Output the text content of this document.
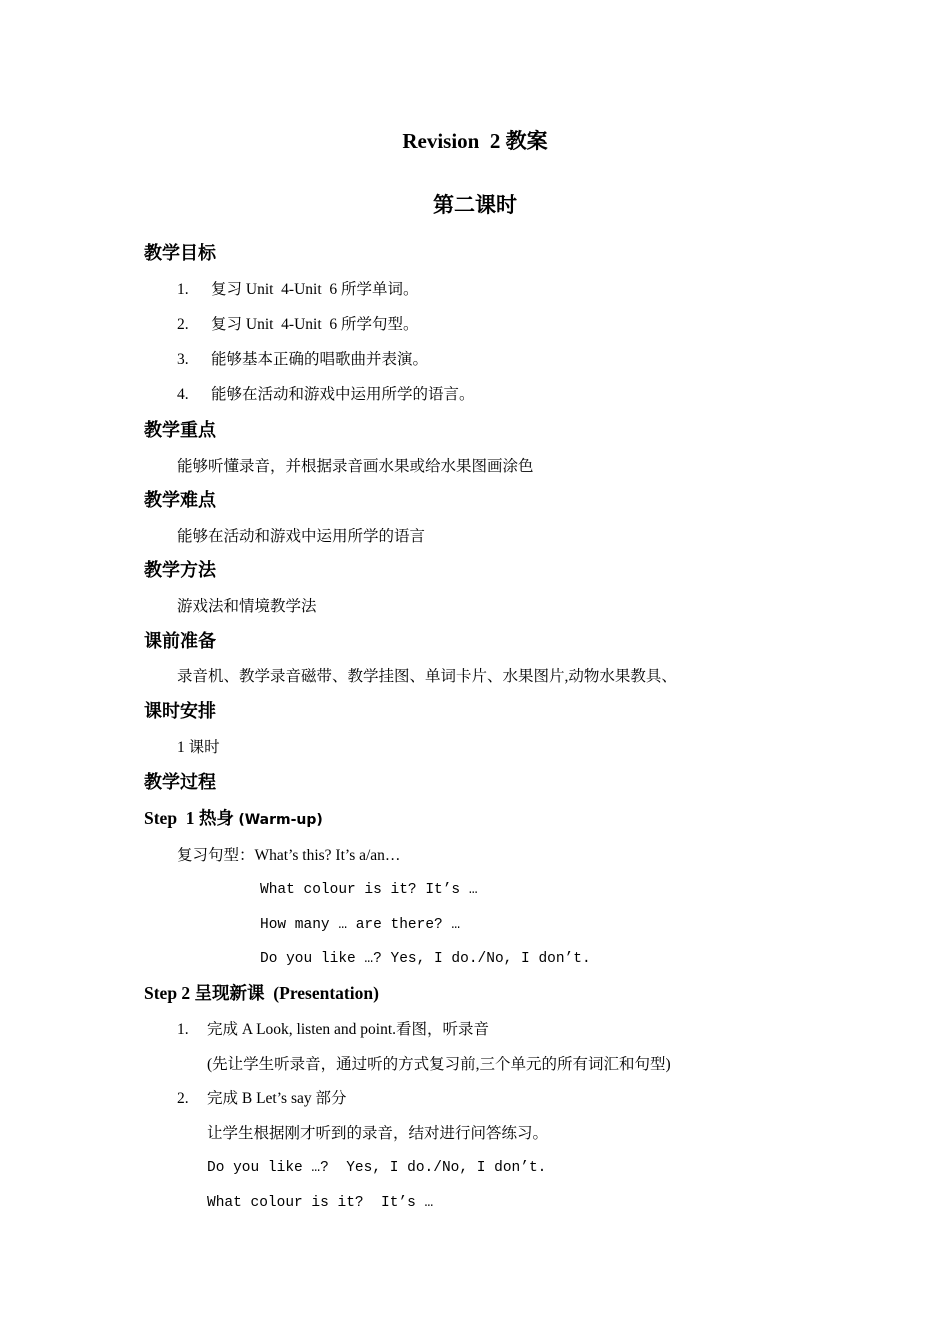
Revision  2 教案
第二课时
教学目标
1. 复习 Unit  4-Unit  6 所学单词。
2. 复习 Unit  4-Unit  6 所学句型。
3. 能够基本正确的唱歌曲并表演。
4. 能够在活动和游戏中运用所学的语言。
教学重点
能够听懂录音，并根据录音画水果或给水果图画涂色
教学难点
能够在活动和游戏中运用所学的语言
教学方法
游戏法和情境教学法
课前准备
录音机、教学录音磁带、教学挂图、单词卡片、水果图片,动物水果教具、
课时安排
1 课时
教学过程
Step  1 热身 (Warm-up)
复习句型：What’s this? It’s a/an…
What colour is it? It’s …
How many … are there? …
Do you like …? Yes, I do./No, I don’t.
Step 2 呈现新课  (Presentation)
1. 完成 A Look, listen and point.看图，听录音
(先让学生听录音，通过听的方式复习前,三个单元的所有词汇和句型)
2. 完成 B Let’s say 部分
让学生根据刚才听到的录音，结对进行问答练习。
Do you like …?  Yes, I do./No, I don’t.
What colour is it?  It’s …
